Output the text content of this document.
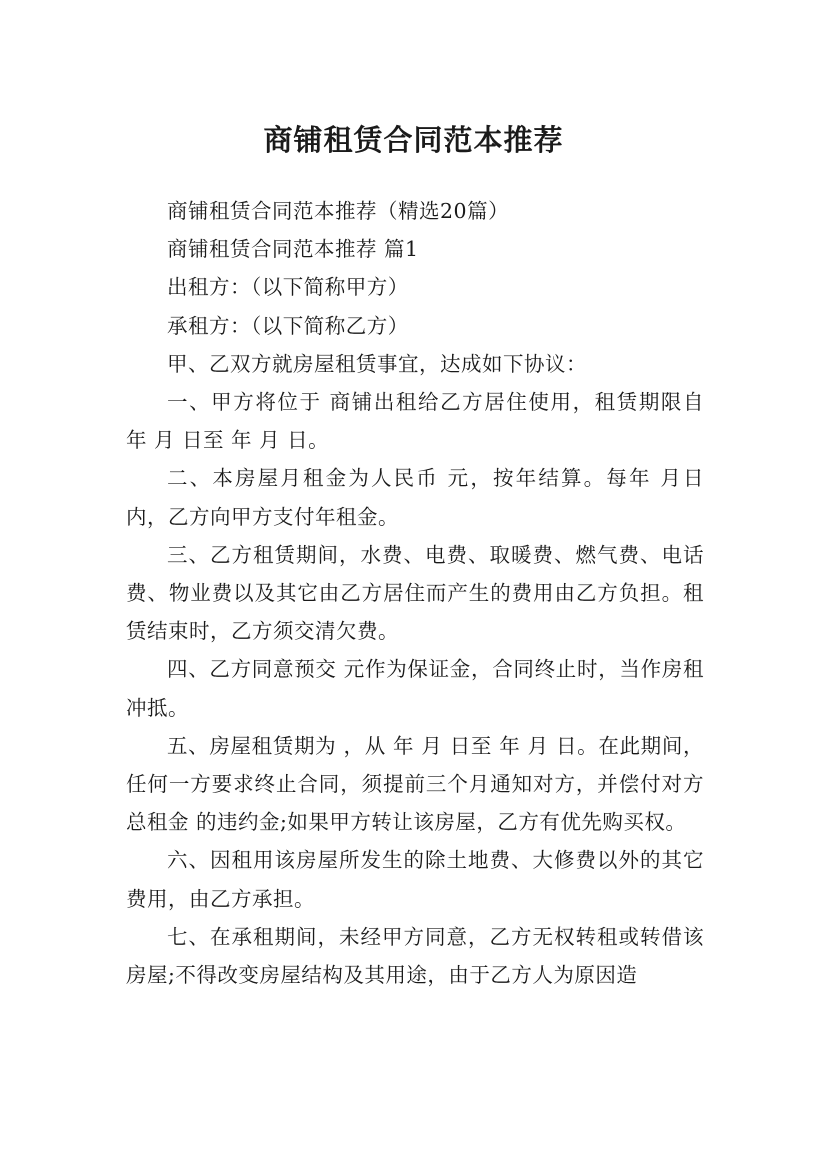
商铺租赁合同范本推荐

商铺租赁合同范本推荐（精选20篇）

商铺租赁合同范本推荐 篇1

出租方：（以下简称甲方）

承租方：（以下简称乙方）

甲、乙双方就房屋租赁事宜，达成如下协议：

一、甲方将位于 商铺出租给乙方居住使用，租赁期限自 年 月 日至 年 月 日。

二、本房屋月租金为人民币 元，按年结算。每年 月日内，乙方向甲方支付年租金。

三、乙方租赁期间，水费、电费、取暖费、燃气费、电话费、物业费以及其它由乙方居住而产生的费用由乙方负担。租赁结束时，乙方须交清欠费。

四、乙方同意预交 元作为保证金，合同终止时，当作房租冲抵。

五、房屋租赁期为 ，从 年 月 日至 年 月 日。在此期间，任何一方要求终止合同，须提前三个月通知对方，并偿付对方总租金 的违约金;如果甲方转让该房屋，乙方有优先购买权。

六、因租用该房屋所发生的除土地费、大修费以外的其它费用，由乙方承担。

七、在承租期间，未经甲方同意，乙方无权转租或转借该房屋;不得改变房屋结构及其用途，由于乙方人为原因造
